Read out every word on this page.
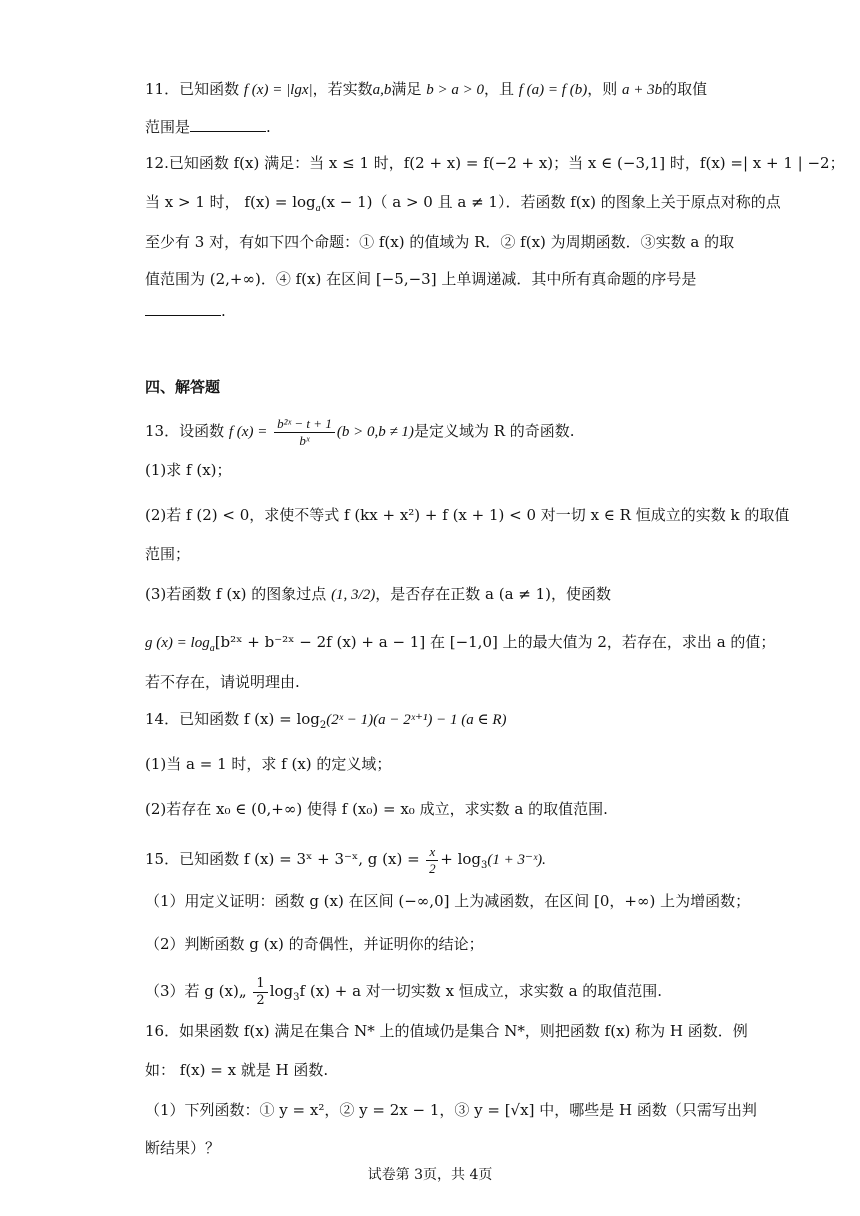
11．已知函数 f (x) = |lgx|，若实数a,b满足 b > a > 0，且 f (a) = f (b)，则 a + 3b的取值
范围是	.
12.已知函数 f(x) 满足：当 x ≤ 1 时，f(2 + x) = f(−2 + x)；当 x ∈ (−3,1] 时，f(x) =| x + 1 | −2；
当 x > 1 时， $f(x) = \log_a(x - 1)$（ a > 0 且 a ≠ 1）．若函数 f(x) 的图象上关于原点对称的点
至少有 3 对，有如下四个命题：① f(x) 的值域为 R．② f(x) 为周期函数．③实数 a 的取
值范围为 (2,+∞)．④ f(x) 在区间 [−5,−3] 上单调递减．其中所有真命题的序号是
.
四、解答题
13．设函数 f $(x) = \frac{\text{b²ˣ − t + 1}}{\text{bˣ}} (b > 0,b \ne 1)$是定义域为 R 的奇函数.
(1)求 f (x)；
(2)若 f (2) < 0，求使不等式 f (kx + x²) + f (x + 1) < 0 对一切 x ∈ R 恒成立的实数 k 的取值
范围；
(3)若函数 f (x) 的图象过点 (1, 3/2)，是否存在正数 a (a ≠ 1)，使函数
g $(x) = \log_a[b^2ˣ$ + b⁻²ˣ − 2f (x) + a − 1] 在 [−1,0] 上的最大值为 2，若存在，求出 a 的值；
若不存在，请说明理由.
14．已知函数 f $(x) = \log_2(2ˣ - 1)(a$ − 2ˣ⁺¹) − 1 (a ∈ R)
(1)当 a = 1 时，求 f (x) 的定义域；
(2)若存在 x₀ ∈ (0,+∞) 使得 f (x₀) = x₀ 成立，求实数 a 的取值范围.
15．已知函数 f (x) = 3ˣ + 3⁻ˣ, g $(x) = \frac{x}{2} + \log_3(1$ + 3⁻ˣ).
（1）用定义证明：函数 g (x) 在区间 (−∞,0] 上为减函数，在区间 [0，+∞) 上为增函数；
（2）判断函数 g (x) 的奇偶性，并证明你的结论；
（3）若 g (x)„ $\frac{1}{2} \log_3f$ (x) + a 对一切实数 x 恒成立，求实数 a 的取值范围.
16．如果函数 f(x) 满足在集合 N* 上的值域仍是集合 N*，则把函数 f(x) 称为 H 函数．例
如： f(x) = x 就是 H 函数.
（1）下列函数：① y = x²，② y = 2x − 1，③ y = [√x] 中，哪些是 H 函数（只需写出判
断结果）？
试卷第 3页，共 4页
